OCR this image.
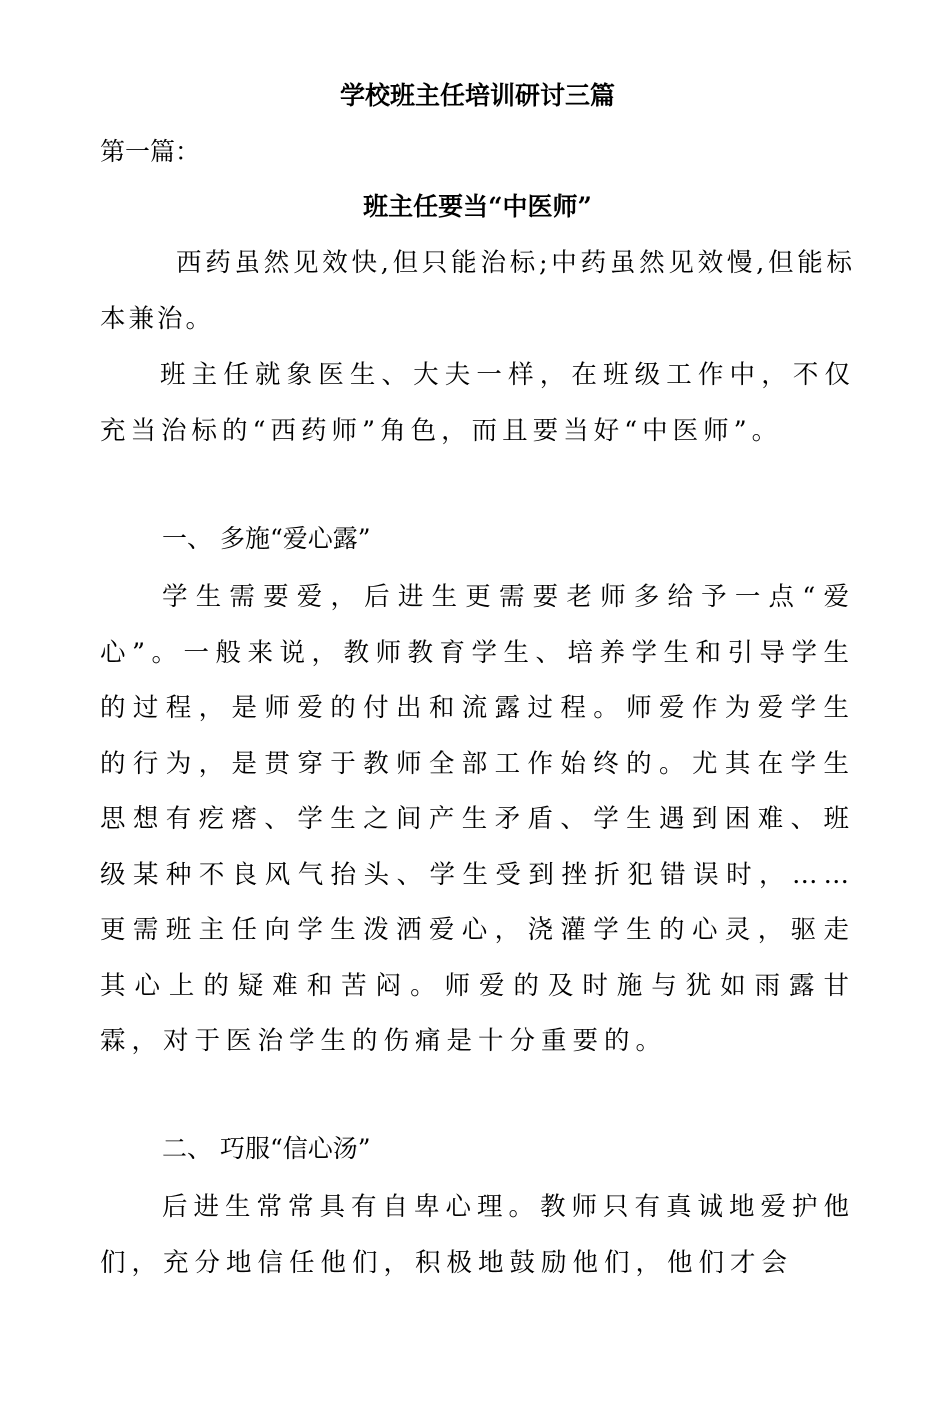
学校班主任培训研讨三篇
第一篇：
班主任要当“中医师”

西药虽然见效快,但只能治标;中药虽然见效慢,但能标本兼治。

班主任就象医生、大夫一样，在班级工作中，不仅充当治标的“西药师”角色，而且要当好“中医师”。

一、 多施“爱心露”

学生需要爱，后进生更需要老师多给予一点“爱心”。一般来说，教师教育学生、培养学生和引导学生的过程，是师爱的付出和流露过程。师爱作为爱学生的行为，是贯穿于教师全部工作始终的。尤其在学生思想有疙瘩、学生之间产生矛盾、学生遇到困难、班级某种不良风气抬头、学生受到挫折犯错误时，……更需班主任向学生泼洒爱心，浇灌学生的心灵，驱走其心上的疑难和苦闷。师爱的及时施与犹如雨露甘霖，对于医治学生的伤痛是十分重要的。

二、 巧服“信心汤”

后进生常常具有自卑心理。教师只有真诚地爱护他们，充分地信任他们，积极地鼓励他们，他们才会
